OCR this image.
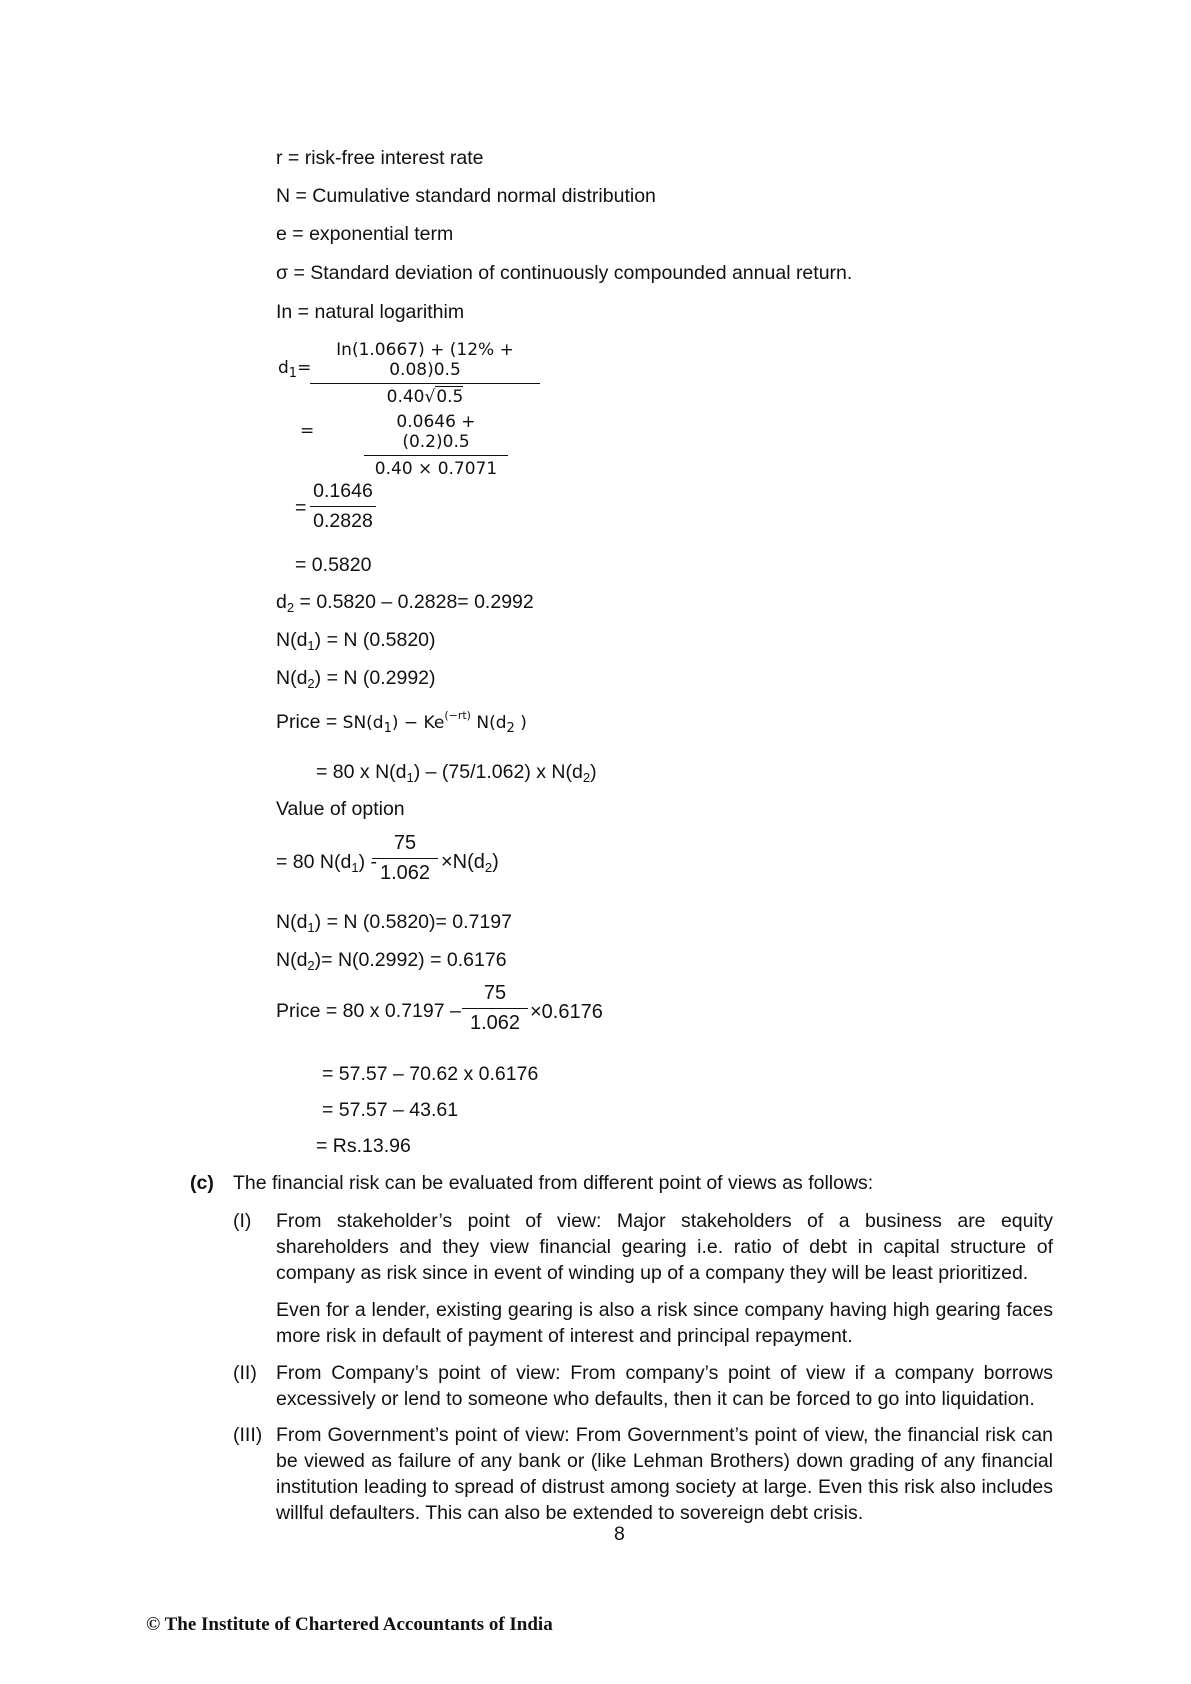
r = risk-free interest rate
N = Cumulative standard normal distribution
e = exponential term
σ = Standard deviation of continuously compounded annual return.
In = natural logarithim
$d_1=$
$\frac{In(1.0667) + (12\% + 0.08)0.5}{0.40√0.5}$
=	$\frac{0.0646 + (0.2)0.5}{0.40 \times 0.7071}$
= $\frac{0.1646}{0.2828}$
= 0.5820
$d_2 = 0.5820 - 0.2828= 0.2992$
$N(d_1) = N$ (0.5820)
$N(d_2) = N$ (0.2992)
Price = $SN(d_1) - Ke^{(-rt)}$ $N(d_2$ )
= 80 x $N(d_1) - (75/1.062)$ x $N(d_2)$
Value of option
= 80 $N(d_1)$ -
$\frac{75}{1.062} \times N(d_2)$
$N(d_1) = N$ (0.5820)= 0.7197
$N(d_2)= N(0.2992) = 0.6176$
Price = 80 x $0.7197 - \frac{75}{1.062} \times 0.6176$
= 57.57 – 70.62 x 0.6176
= 57.57 – 43.61
= Rs.13.96
(c) The financial risk can be evaluated from different point of views as follows:
(I) From stakeholder’s point of view: Major stakeholders of a business are equity shareholders and they view financial gearing i.e. ratio of debt in capital structure of company as risk since in event of winding up of a company they will be least prioritized.
Even for a lender, existing gearing is also a risk since company having high gearing faces more risk in default of payment of interest and principal repayment.
(II) From Company’s point of view: From company’s point of view if a company borrows excessively or lend to someone who defaults, then it can be forced to go into liquidation.
(III) From Government’s point of view: From Government’s point of view, the financial risk can be viewed as failure of any bank or (like Lehman Brothers) down grading of any financial institution leading to spread of distrust among society at large. Even this risk also includes willful defaulters. This can also be extended to sovereign debt crisis.
8
© The Institute of Chartered Accountants of India
